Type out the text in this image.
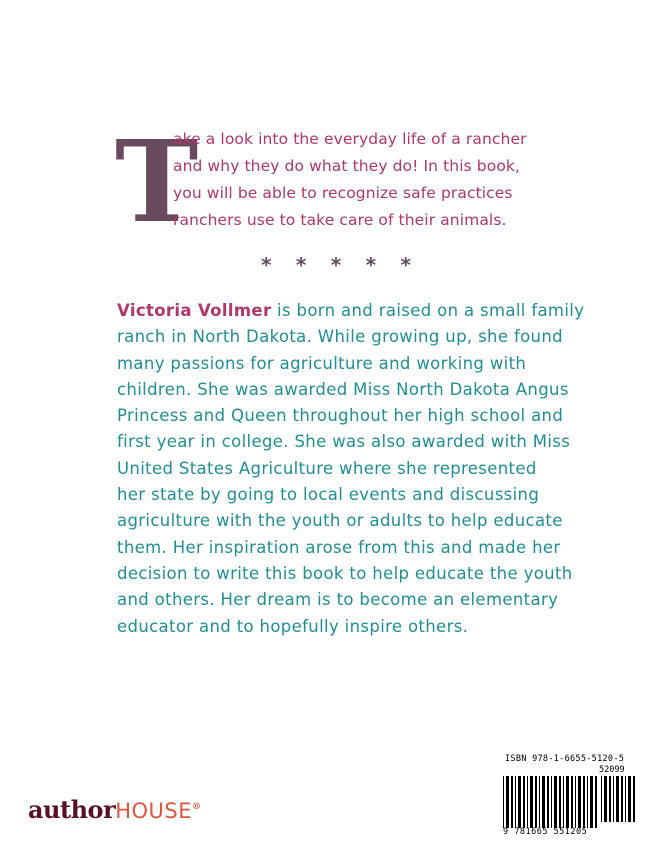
T
ake a look into the everyday life of a rancher
and why they do what they do! In this book,
you will be able to recognize safe practices
ranchers use to take care of their animals.
* * * * *
Victoria Vollmer is born and raised on a small family
ranch in North Dakota. While growing up, she found
many passions for agriculture and working with
children. She was awarded Miss North Dakota Angus
Princess and Queen throughout her high school and
first year in college. She was also awarded with Miss
United States Agriculture where she represented
her state by going to local events and discussing
agriculture with the youth or adults to help educate
them. Her inspiration arose from this and made her
decision to write this book to help educate the youth
and others. Her dream is to become an elementary
educator and to hopefully inspire others.
authorHOUSE®
ISBN 978-1-6655-5120-5
52099
9 781665 551205
